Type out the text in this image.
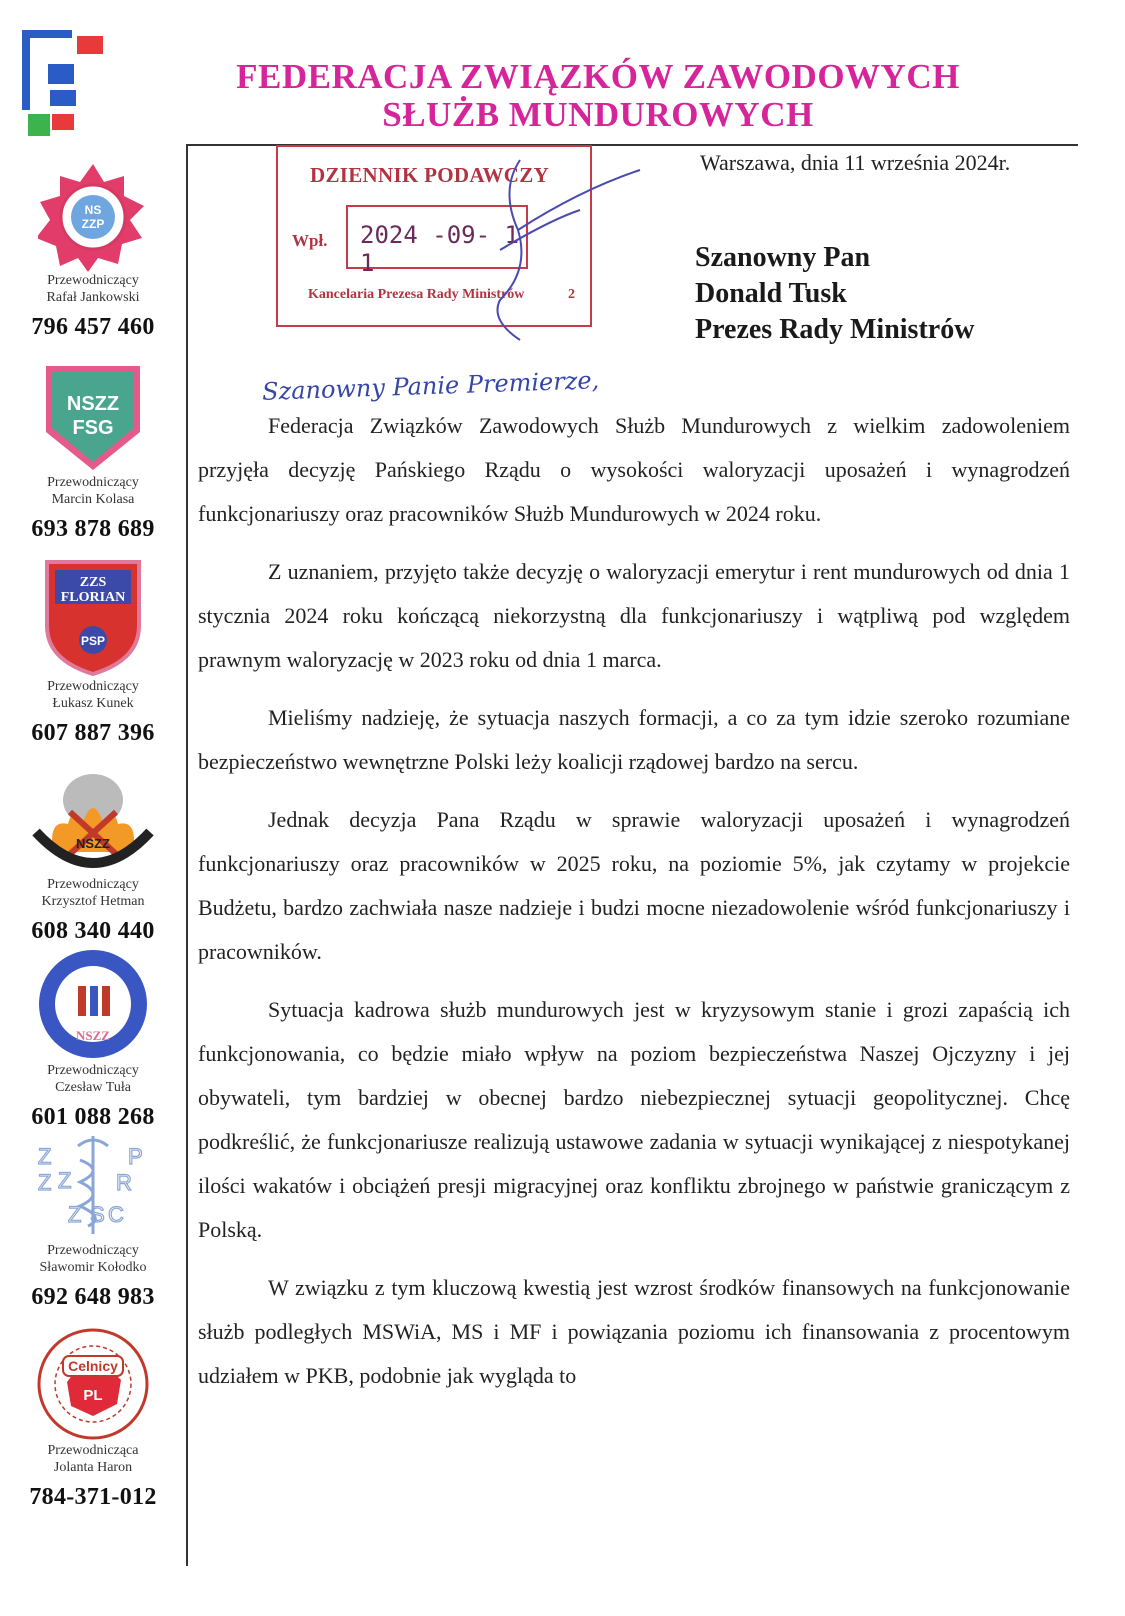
FEDERACJA ZWIĄZKÓW ZAWODOWYCH
SŁUŻB MUNDUROWYCH
NS
ZZP
Przewodniczący
Rafał Jankowski
796 457 460
NSZZ
FSG
Przewodniczący
Marcin Kolasa
693 878 689
ZZS
FLORIAN
PSP
Przewodniczący
Łukasz Kunek
607 887 396
NSZZ
Przewodniczący
Krzysztof Hetman
608 340 440
NSZZ
Przewodniczący
Czesław Tuła
601 088 268
Z
Z Z
P
R
Z S C
Przewodniczący
Sławomir Kołodko
692 648 983
Celnicy
PL
Przewodnicząca
Jolanta Haron
784-371-012
DZIENNIK PODAWCZY
Wpł. 2024 -09- 1 1
Kancelaria Prezesa Rady Ministrów	2
Warszawa, dnia 11 września 2024r.
Szanowny Pan
Donald Tusk
Prezes Rady Ministrów
Szanowny Panie Premierze,

Federacja Związków Zawodowych Służb Mundurowych z wielkim zadowoleniem przyjęła decyzję Pańskiego Rządu o wysokości waloryzacji uposażeń i wynagrodzeń funkcjonariuszy oraz pracowników Służb Mundurowych w 2024 roku.

Z uznaniem, przyjęto także decyzję o waloryzacji emerytur i rent mundurowych od dnia 1 stycznia 2024 roku kończącą niekorzystną dla funkcjonariuszy i wątpliwą pod względem prawnym waloryzację w 2023 roku od dnia 1 marca.

Mieliśmy nadzieję, że sytuacja naszych formacji, a co za tym idzie szeroko rozumiane bezpieczeństwo wewnętrzne Polski leży koalicji rządowej bardzo na sercu.

Jednak decyzja Pana Rządu w sprawie waloryzacji uposażeń i wynagrodzeń funkcjonariuszy oraz pracowników w 2025 roku, na poziomie 5%, jak czytamy w projekcie Budżetu, bardzo zachwiała nasze nadzieje i budzi mocne niezadowolenie wśród funkcjonariuszy i pracowników.

Sytuacja kadrowa służb mundurowych jest w kryzysowym stanie i grozi zapaścią ich funkcjonowania, co będzie miało wpływ na poziom bezpieczeństwa Naszej Ojczyzny i jej obywateli, tym bardziej w obecnej bardzo niebezpiecznej sytuacji geopolitycznej. Chcę podkreślić, że funkcjonariusze realizują ustawowe zadania w sytuacji wynikającej z niespotykanej ilości wakatów i obciążeń presji migracyjnej oraz konfliktu zbrojnego w państwie graniczącym z Polską.

W związku z tym kluczową kwestią jest wzrost środków finansowych na funkcjonowanie służb podległych MSWiA, MS i MF i powiązania poziomu ich finansowania z procentowym udziałem w PKB, podobnie jak wygląda to
